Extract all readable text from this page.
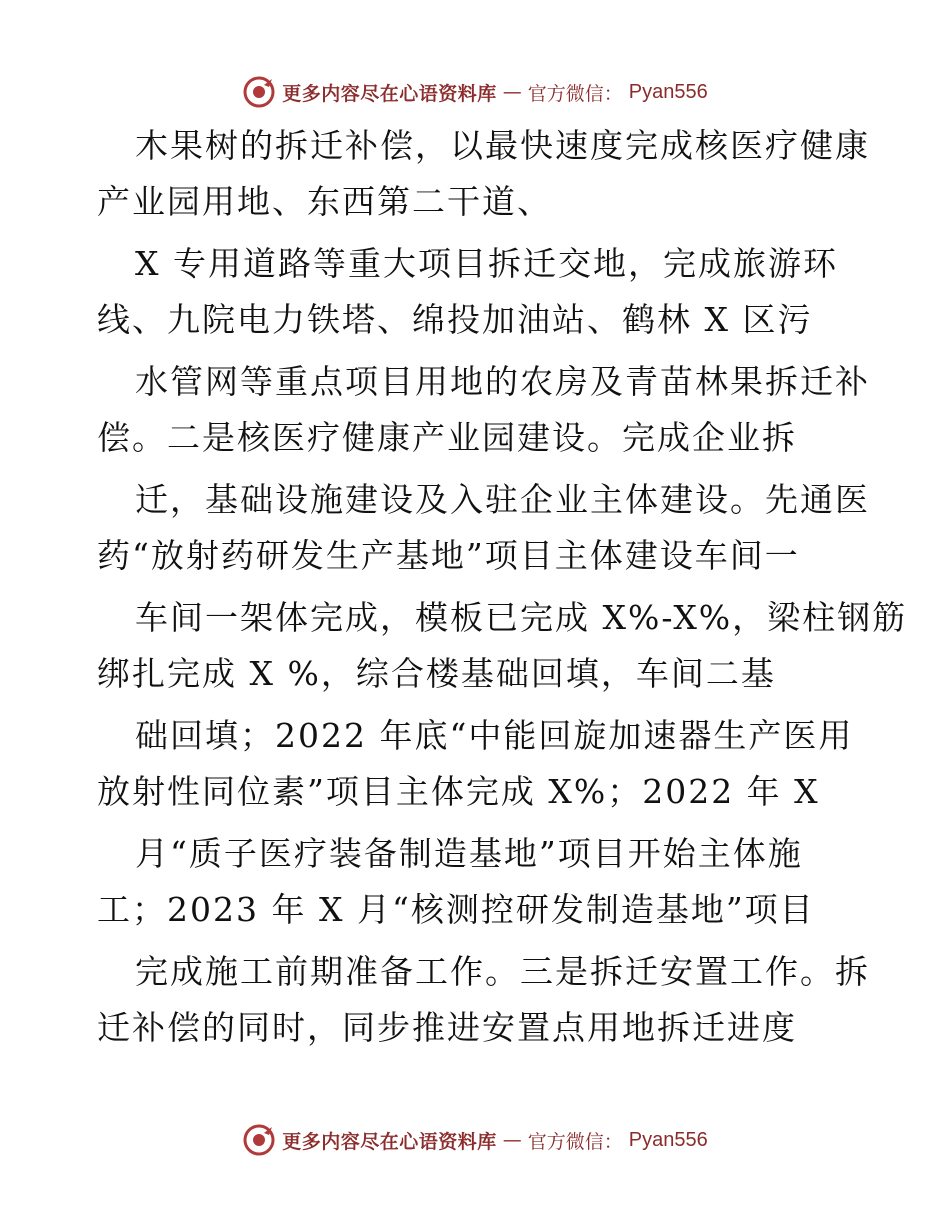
更多内容尽在心语资料库 — 官方微信： Pyan556
木果树的拆迁补偿，以最快速度完成核医疗健康
产业园用地、东西第二干道、
X 专用道路等重大项目拆迁交地，完成旅游环
线、九院电力铁塔、绵投加油站、鹤林 X 区污
水管网等重点项目用地的农房及青苗林果拆迁补
偿。二是核医疗健康产业园建设。完成企业拆
迁，基础设施建设及入驻企业主体建设。先通医
药“放射药研发生产基地”项目主体建设车间一
车间一架体完成，模板已完成 X%-X%，梁柱钢筋
绑扎完成 X %，综合楼基础回填，车间二基
础回填；2022 年底“中能回旋加速器生产医用
放射性同位素”项目主体完成 X%；2022 年 X
月“质子医疗装备制造基地”项目开始主体施
工；2023 年 X 月“核测控研发制造基地”项目
完成施工前期准备工作。三是拆迁安置工作。拆
迁补偿的同时，同步推进安置点用地拆迁进度
更多内容尽在心语资料库 — 官方微信： Pyan556
